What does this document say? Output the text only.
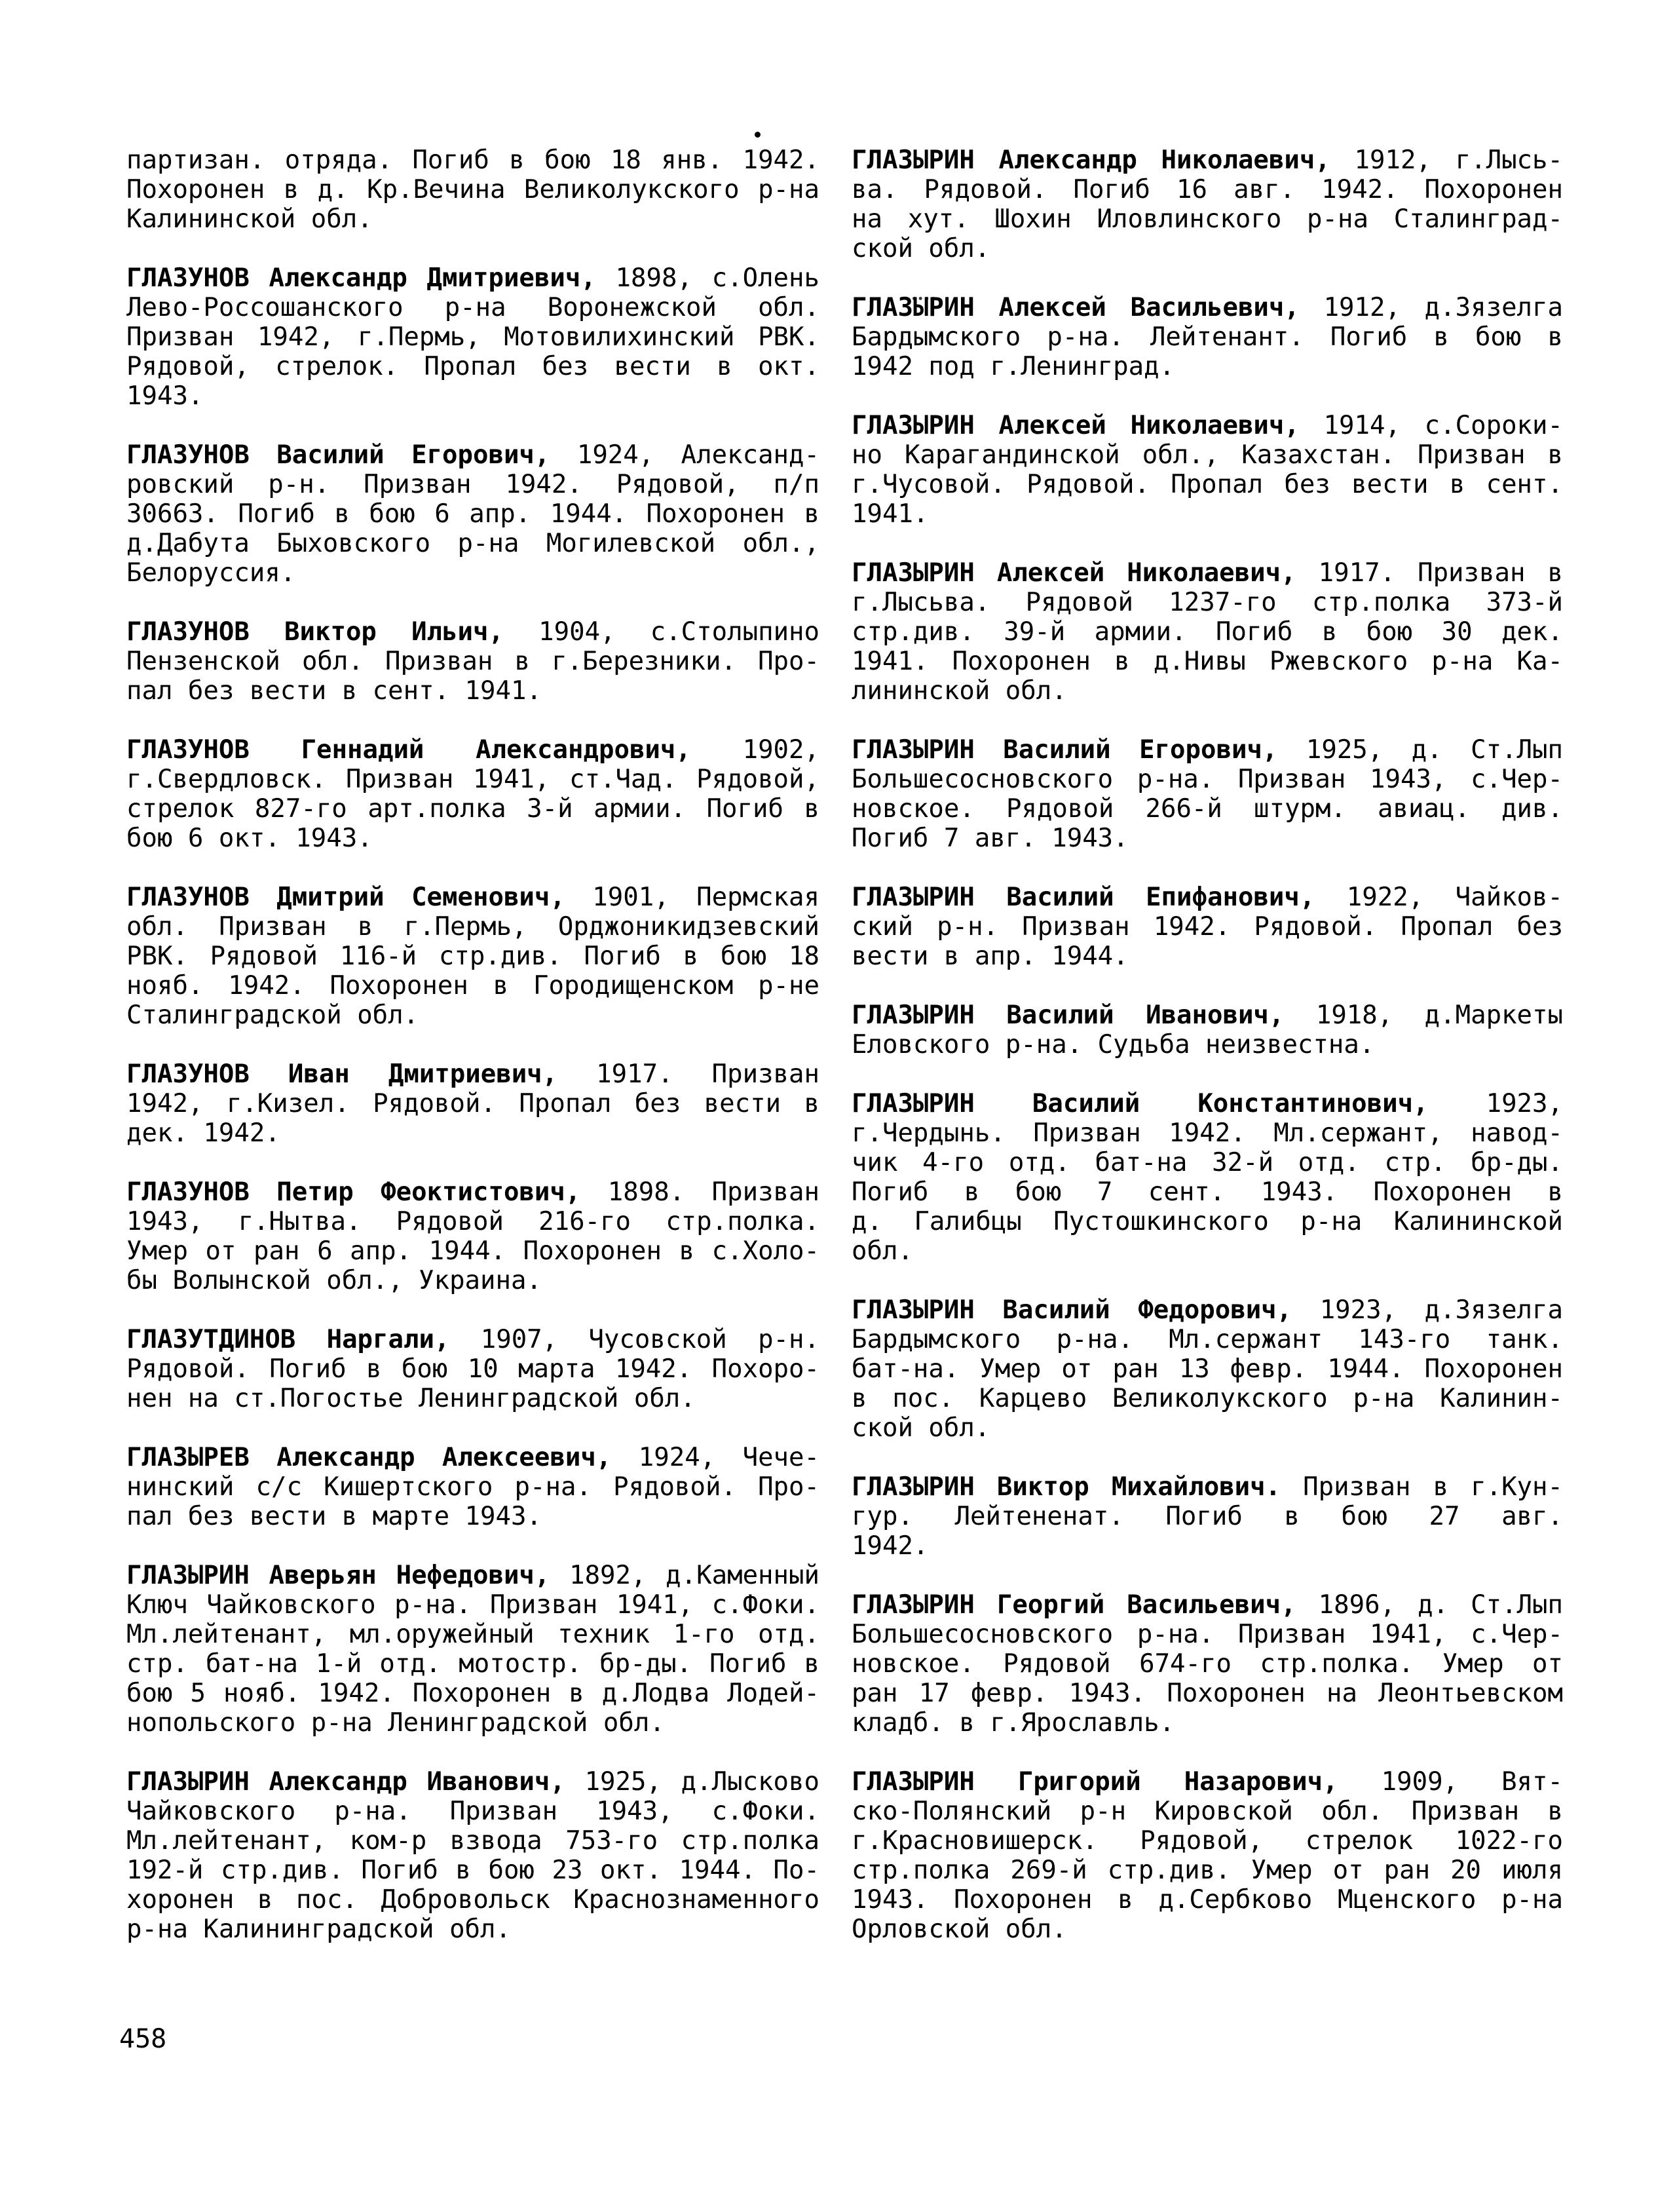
партизан. отряда. Погиб в бою 18 янв. 1942.
Похоронен в д. Кр.Вечина Великолукского р-на
Калининской обл.
ГЛАЗУНОВ Александр Дмитриевич, 1898, с.Олень
Лево-Россошанского р-на Воронежской обл.
Призван 1942, г.Пермь, Мотовилихинский РВК.
Рядовой, стрелок. Пропал без вести в окт.
1943.
ГЛАЗУНОВ Василий Егорович, 1924, Александ-
ровский р-н. Призван 1942. Рядовой, п/п
30663. Погиб в бою 6 апр. 1944. Похоронен в
д.Дабута Быховского р-на Могилевской обл.,
Белоруссия.
ГЛАЗУНОВ Виктор Ильич, 1904, с.Столыпино
Пензенской обл. Призван в г.Березники. Про-
пал без вести в сент. 1941.
ГЛАЗУНОВ Геннадий Александрович, 1902,
г.Свердловск. Призван 1941, ст.Чад. Рядовой,
стрелок 827-го арт.полка 3-й армии. Погиб в
бою 6 окт. 1943.
ГЛАЗУНОВ Дмитрий Семенович, 1901, Пермская
обл. Призван в г.Пермь, Орджоникидзевский
РВК. Рядовой 116-й стр.див. Погиб в бою 18
нояб. 1942. Похоронен в Городищенском р-не
Сталинградской обл.
ГЛАЗУНОВ Иван Дмитриевич, 1917. Призван
1942, г.Кизел. Рядовой. Пропал без вести в
дек. 1942.
ГЛАЗУНОВ Петир Феоктистович, 1898. Призван
1943, г.Нытва. Рядовой 216-го стр.полка.
Умер от ран 6 апр. 1944. Похоронен в с.Холо-
бы Волынской обл., Украина.
ГЛАЗУТДИНОВ Наргали, 1907, Чусовской р-н.
Рядовой. Погиб в бою 10 марта 1942. Похоро-
нен на ст.Погостье Ленинградской обл.
ГЛАЗЫРЕВ Александр Алексеевич, 1924, Чече-
нинский с/с Кишертского р-на. Рядовой. Про-
пал без вести в марте 1943.
ГЛАЗЫРИН Аверьян Нефедович, 1892, д.Каменный
Ключ Чайковского р-на. Призван 1941, с.Фоки.
Мл.лейтенант, мл.оружейный техник 1-го отд.
стр. бат-на 1-й отд. мотостр. бр-ды. Погиб в
бою 5 нояб. 1942. Похоронен в д.Лодва Лодей-
нопольского р-на Ленинградской обл.
ГЛАЗЫРИН Александр Иванович, 1925, д.Лысково
Чайковского р-на. Призван 1943, с.Фоки.
Мл.лейтенант, ком-р взвода 753-го стр.полка
192-й стр.див. Погиб в бою 23 окт. 1944. По-
хоронен в пос. Добровольск Краснознаменного
р-на Калининградской обл.
ГЛАЗЫРИН Александр Николаевич, 1912, г.Лысь-
ва. Рядовой. Погиб 16 авг. 1942. Похоронен
на хут. Шохин Иловлинского р-на Сталинград-
ской обл.
ГЛАЗЫРИН Алексей Васильевич, 1912, д.Зязелга
Бардымского р-на. Лейтенант. Погиб в бою в
1942 под г.Ленинград.
ГЛАЗЫРИН Алексей Николаевич, 1914, с.Сороки-
но Карагандинской обл., Казахстан. Призван в
г.Чусовой. Рядовой. Пропал без вести в сент.
1941.
ГЛАЗЫРИН Алексей Николаевич, 1917. Призван в
г.Лысьва. Рядовой 1237-го стр.полка 373-й
стр.див. 39-й армии. Погиб в бою 30 дек.
1941. Похоронен в д.Нивы Ржевского р-на Ка-
лининской обл.
ГЛАЗЫРИН Василий Егорович, 1925, д. Ст.Лып
Большесосновского р-на. Призван 1943, с.Чер-
новское. Рядовой 266-й штурм. авиац. див.
Погиб 7 авг. 1943.
ГЛАЗЫРИН Василий Епифанович, 1922, Чайков-
ский р-н. Призван 1942. Рядовой. Пропал без
вести в апр. 1944.
ГЛАЗЫРИН Василий Иванович, 1918, д.Маркеты
Еловского р-на. Судьба неизвестна.
ГЛАЗЫРИН Василий Константинович, 1923,
г.Чердынь. Призван 1942. Мл.сержант, навод-
чик 4-го отд. бат-на 32-й отд. стр. бр-ды.
Погиб в бою 7 сент. 1943. Похоронен в
д. Галибцы Пустошкинского р-на Калининской
обл.
ГЛАЗЫРИН Василий Федорович, 1923, д.Зязелга
Бардымского р-на. Мл.сержант 143-го танк.
бат-на. Умер от ран 13 февр. 1944. Похоронен
в пос. Карцево Великолукского р-на Калинин-
ской обл.
ГЛАЗЫРИН Виктор Михайлович. Призван в г.Кун-
гур. Лейтененат. Погиб в бою 27 авг.
1942.
ГЛАЗЫРИН Георгий Васильевич, 1896, д. Ст.Лып
Большесосновского р-на. Призван 1941, с.Чер-
новское. Рядовой 674-го стр.полка. Умер от
ран 17 февр. 1943. Похоронен на Леонтьевском
кладб. в г.Ярославль.
ГЛАЗЫРИН Григорий Назарович, 1909, Вят-
ско-Полянский р-н Кировской обл. Призван в
г.Красновишерск. Рядовой, стрелок 1022-го
стр.полка 269-й стр.див. Умер от ран 20 июля
1943. Похоронен в д.Сербково Мценского р-на
Орловской обл.
458
